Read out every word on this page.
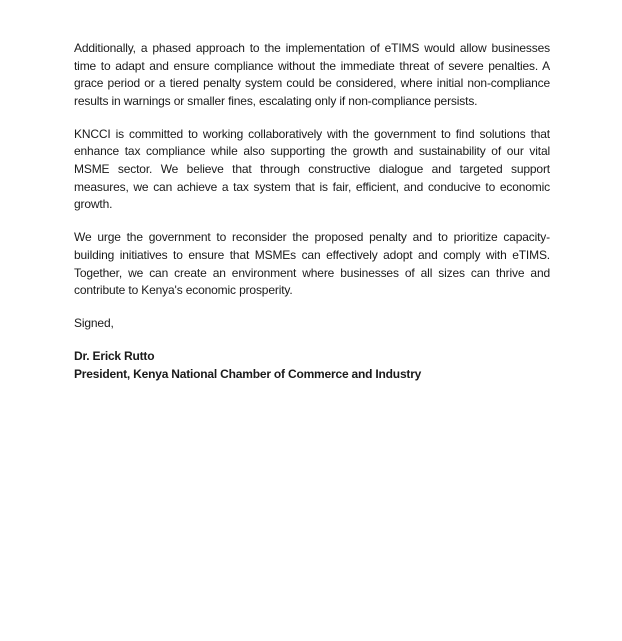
Additionally, a phased approach to the implementation of eTIMS would allow businesses time to adapt and ensure compliance without the immediate threat of severe penalties. A grace period or a tiered penalty system could be considered, where initial non-compliance results in warnings or smaller fines, escalating only if non-compliance persists.

KNCCI is committed to working collaboratively with the government to find solutions that enhance tax compliance while also supporting the growth and sustainability of our vital MSME sector. We believe that through constructive dialogue and targeted support measures, we can achieve a tax system that is fair, efficient, and conducive to economic growth.

We urge the government to reconsider the proposed penalty and to prioritize capacity-building initiatives to ensure that MSMEs can effectively adopt and comply with eTIMS. Together, we can create an environment where businesses of all sizes can thrive and contribute to Kenya's economic prosperity.

Signed,

Dr. Erick Rutto

President, Kenya National Chamber of Commerce and Industry
